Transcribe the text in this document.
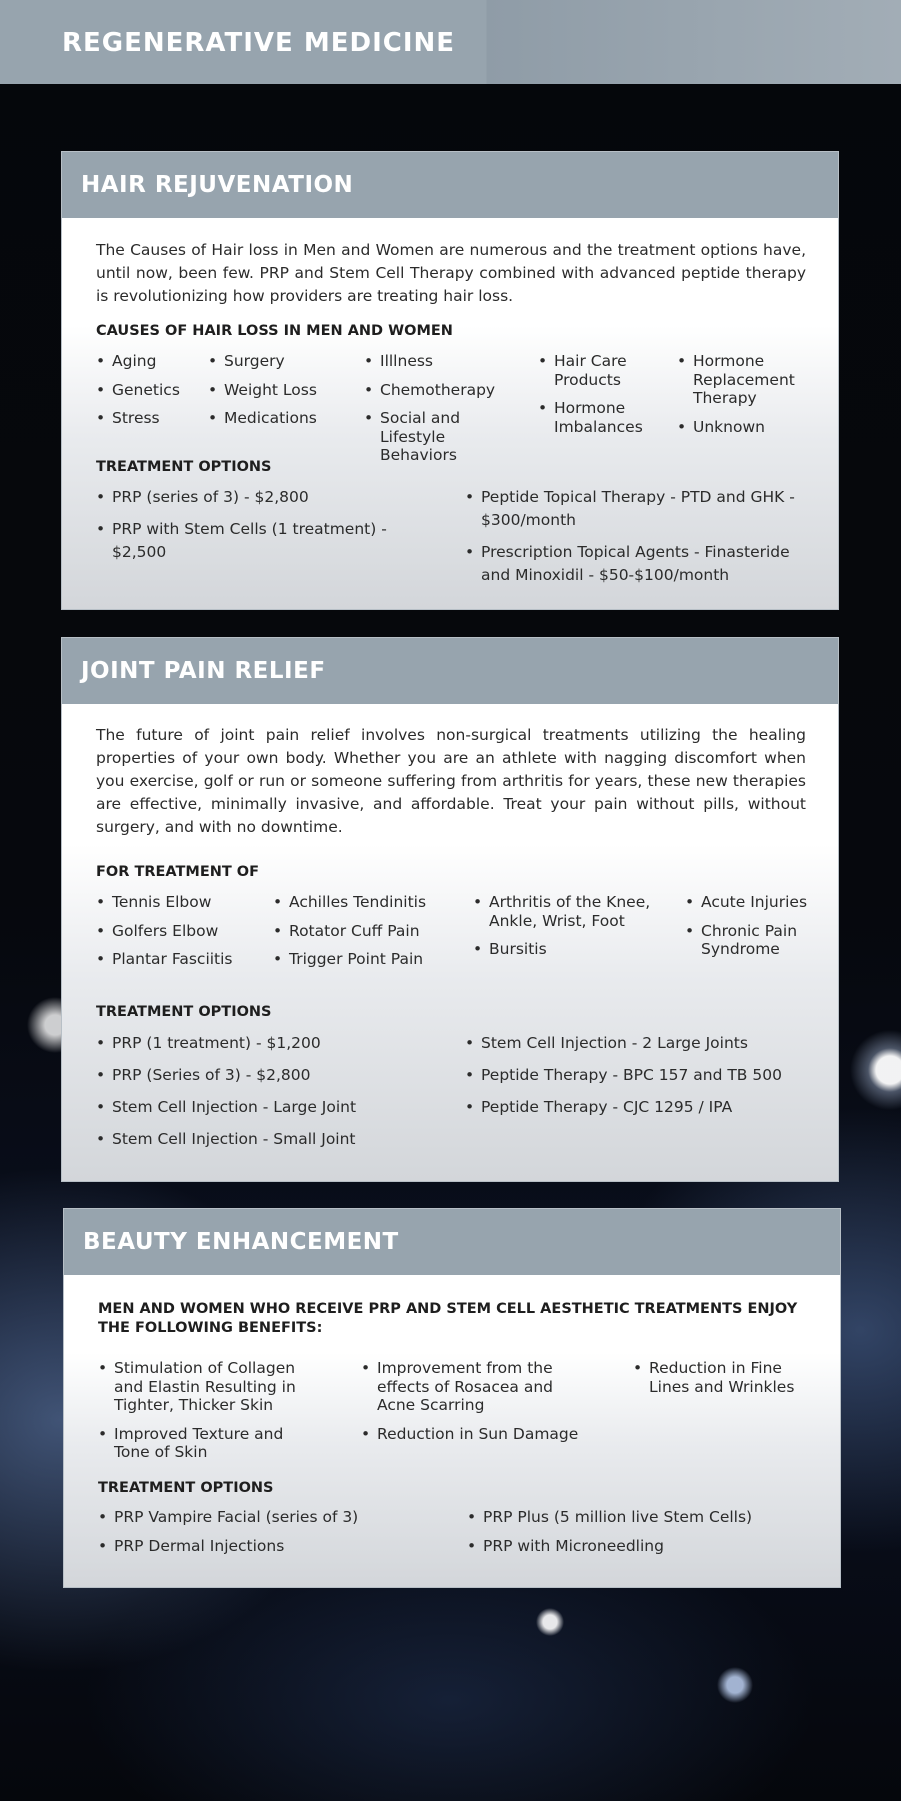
REGENERATIVE MEDICINE
HAIR REJUVENATION

The Causes of Hair loss in Men and Women are numerous and the treatment options have, until now, been few. PRP and Stem Cell Therapy combined with advanced peptide therapy is revolutionizing how providers are treating hair loss.

CAUSES OF HAIR LOSS IN MEN AND WOMEN
• Aging
• Genetics
• Stress
• Surgery
• Weight Loss
• Medications
• Illlness
• Chemotherapy
• Social and Lifestyle Behaviors
• Hair Care Products
• Hormone Imbalances
• Hormone Replacement Therapy
• Unknown
TREATMENT OPTIONS
• PRP (series of 3) - $2,800
• PRP with Stem Cells (1 treatment) - $2,500
• Peptide Topical Therapy - PTD and GHK - $300/month
• Prescription Topical Agents - Finasteride and Minoxidil - $50-$100/month
JOINT PAIN RELIEF

The future of joint pain relief involves non-surgical treatments utilizing the healing properties of your own body. Whether you are an athlete with nagging discomfort when you exercise, golf or run or someone suffering from arthritis for years, these new therapies are effective, minimally invasive, and affordable. Treat your pain without pills, without surgery, and with no downtime.

FOR TREATMENT OF
• Tennis Elbow
• Golfers Elbow
• Plantar Fasciitis
• Achilles Tendinitis
• Rotator Cuff Pain
• Trigger Point Pain
• Arthritis of the Knee, Ankle, Wrist, Foot
• Bursitis
• Acute Injuries
• Chronic Pain Syndrome
TREATMENT OPTIONS
• PRP (1 treatment) - $1,200
• PRP (Series of 3) - $2,800
• Stem Cell Injection - Large Joint
• Stem Cell Injection - Small Joint
• Stem Cell Injection - 2 Large Joints
• Peptide Therapy - BPC 157 and TB 500
• Peptide Therapy - CJC 1295 / IPA
BEAUTY ENHANCEMENT
MEN AND WOMEN WHO RECEIVE PRP AND STEM CELL AESTHETIC TREATMENTS ENJOY THE FOLLOWING BENEFITS:
• Stimulation of Collagen and Elastin Resulting in Tighter, Thicker Skin
• Improved Texture and Tone of Skin
• Improvement from the effects of Rosacea and Acne Scarring
• Reduction in Sun Damage
• Reduction in Fine Lines and Wrinkles
TREATMENT OPTIONS
• PRP Vampire Facial (series of 3)
• PRP Dermal Injections
• PRP Plus (5 million live Stem Cells)
• PRP with Microneedling
